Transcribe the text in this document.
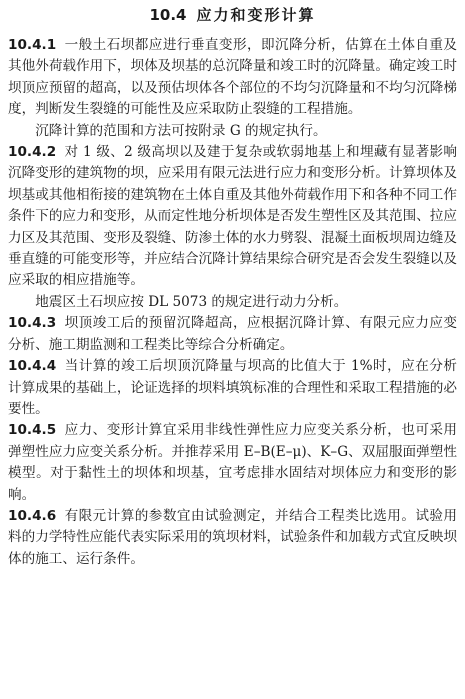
10.4 应力和变形计算

10.4.1 一般土石坝都应进行垂直变形，即沉降分析，估算在土体自重及其他外荷载作用下，坝体及坝基的总沉降量和竣工时的沉降量。确定竣工时坝顶应预留的超高，以及预估坝体各个部位的不均匀沉降量和不均匀沉降梯度，判断发生裂缝的可能性及应采取防止裂缝的工程措施。

沉降计算的范围和方法可按附录 G 的规定执行。

10.4.2 对 1 级、2 级高坝以及建于复杂或软弱地基上和埋藏有显著影响沉降变形的建筑物的坝，应采用有限元法进行应力和变形分析。计算坝体及坝基或其他相衔接的建筑物在土体自重及其他外荷载作用下和各种不同工作条件下的应力和变形，从而定性地分析坝体是否发生塑性区及其范围、拉应力区及其范围、变形及裂缝、防渗土体的水力劈裂、混凝土面板坝周边缝及垂直缝的可能变形等，并应结合沉降计算结果综合研究是否会发生裂缝以及应采取的相应措施等。

地震区土石坝应按 DL 5073 的规定进行动力分析。

10.4.3 坝顶竣工后的预留沉降超高，应根据沉降计算、有限元应力应变分析、施工期监测和工程类比等综合分析确定。

10.4.4 当计算的竣工后坝顶沉降量与坝高的比值大于 1%时，应在分析计算成果的基础上，论证选择的坝料填筑标准的合理性和采取工程措施的必要性。

10.4.5 应力、变形计算宜采用非线性弹性应力应变关系分析，也可采用弹塑性应力应变关系分析。并推荐采用 E–B(E–μ)、K–G、双屈服面弹塑性模型。对于黏性土的坝体和坝基，宜考虑排水固结对坝体应力和变形的影响。

10.4.6 有限元计算的参数宜由试验测定，并结合工程类比选用。试验用料的力学特性应能代表实际采用的筑坝材料，试验条件和加载方式宜反映坝体的施工、运行条件。
